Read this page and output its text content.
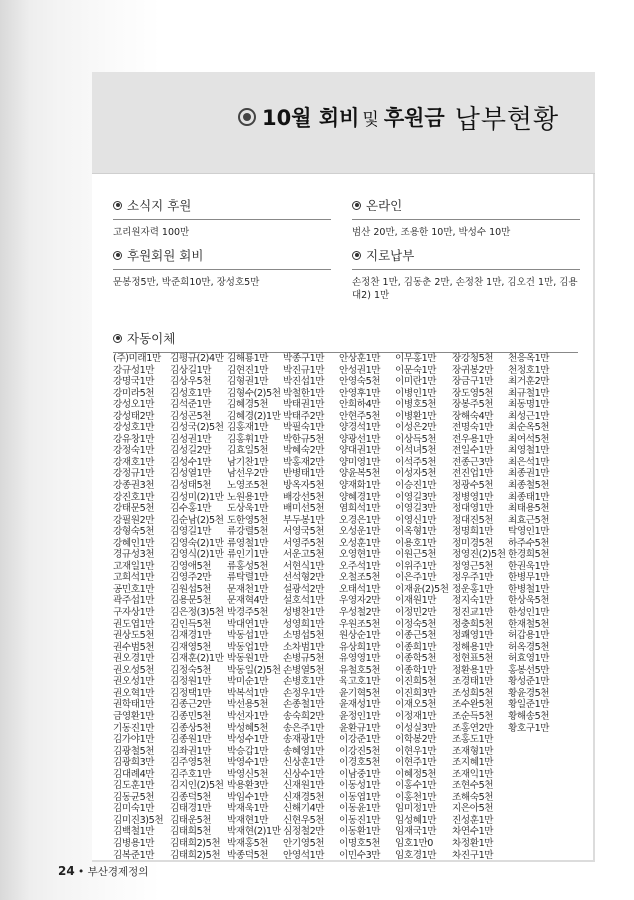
10월 회비 및 후원금 납부현황
소식지 후원
고리원자력 100만
온라인
범산 20만, 조용한 10만, 박성수 10만
후원회원 회비
문봉정5만, 박준희10만, 장성호5만
지로납부
손정찬 1만, 김동춘 2만, 손정찬 1만, 김오건 1만, 김용대2) 1만
자동이체
(주)미래1만
강규성1만
강명국1만
강미라5천
강성오1만
강성태2만
강성호1만
강유창1만
강정숙1만
강재호1만
강정규1만
강종권3천
강진호1만
강태문5천
강필원2만
강형숙5천
강혜인1만
경규성3천
고재일1만
고희석1만
공민호1만
곽주섭1만
구자상1만
권도엽1만
권상도5천
권수범5천
권오경1만
권오성5천
권오성1만
권오혁1만
권학태1만
금영환1만
기동진1만
김가야1만
김광철5천
김광희3만
김대례4만
김도훈1만
김동균5천
김미숙1만
김미진3)5천
김백철1만
김병용1만
김복준1만
김평규(2)4만
김상길1만
김상우5천
김성호1만
김석준1만
김성곤5천
김성국(2)5천
김성권1만
김성길2만
김성수1만
김성열1만
김성태5천
김성미(2)1만
김수홍1만
김순남(2)5천
김영길1만
김영숙(2)1만
김영식(2)1만
김영애5천
김영주2만
김원섭5천
김용문5천
김은정(3)5천
김인득5천
김재경1만
김재영5천
김재훈(2)1만
김정숙5천
김정원1만
김정택1만
김종근2만
김종민5천
김종상5천
김종원1만
김좌권1만
김주영5천
김주호1만
김지인(2)5천
김종덕5천
김태경1만
김태운5천
김태희5천
김태희2)5천
김태희2)5천
김해룡1만
김현진1만
김형권1만
김형수(2)5천
김혜경5천
김혜경(2)1만
김홍재1만
김홍휘1만
김효일5천
남기찬1만
남선우2만
노영조5천
노원용1만
도상욱1만
도한영5천
류강렬5천
류영철1만
류인기1만
류홍성5천
류탁렬1만
문재천1만
문재혁4만
박경주5천
박대연1만
박동섭1만
박동업1만
박동원1만
박동일(2)5천
박미순1만
박복석1만
박선용5천
박선자1만
박성혜5천
박성수1만
박승갑1만
박영수1만
박영신5천
박용환3만
박임수1만
박재욱1만
박재현1만
박재현(2)1만
박재홍5천
박종덕5천
박종구1만
박진규1만
박진섭1만
박철한1만
박태권1만
박태주2만
박필숙1만
박한규5천
박혜숙2만
박홍재2만
반병태1만
방옥자5천
배강선5천
배미선5천
부두봉1만
서영국5천
서영주5천
서운고5천
서현식1만
선석형2만
설광석2만
설호석1만
성병찬1만
성영희1만
소명섭5천
소차범1만
손병규5천
손병열5천
손병호1만
손정우1만
손종철1만
송숙희2만
송은주1만
송재광1만
송혜영1만
신상훈1만
신상수1만
신재원1만
신재경5천
신해기4만
신현우5천
심정철2만
안기영5천
안영석1만
안상훈1만
안성권1만
안영숙5천
안영후1만
안희하4만
안현주5천
양경석1만
양광선1만
양대권1만
양미영1만
양윤복5천
양재화1만
양혜경1만
염희석1만
오경은1만
오성운1만
오성훈1만
오영현1만
오주석1만
오철조5천
오태석1만
우영자2만
우성철2만
우원조5천
원상순1만
유상희1만
유영영1만
유철호5천
육고호1만
윤기혁5천
윤재성1만
윤정인1만
윤환규1만
이강준1만
이강진5천
이경호5천
이남중1만
이동성1만
이동엽1만
이동윤1만
이동진1만
이동환1만
이명호5천
이민수3만
이무홍1만
이문숙1만
이미란1만
이병인1만
이병호5천
이병환1만
이성은2만
이상득5천
이석녀5천
이석주5천
이성자5천
이승진1만
이영길3만
이영길3만
이영신1만
이옥형1만
이용호1만
이원근5천
이위주1만
이은주1만
이재윤(2)5천
이재원1만
이정민2만
이정숙5천
이종근5천
이종희1만
이종학5천
이종학1만
이진희5천
이진희3만
이재오5천
이정재1만
이성실3만
이학봉2만
이현우1만
이현주1만
이혜정5천
이홍수1만
이홍천1만
임미정1만
임성혜1만
임재국1만
임호1만0
임호경1만
장강청5천
장귀봉2만
장금구1만
장도영5천
장봉주5천
장해숙4만
전명숙1만
전우용1만
전일수1만
전종근3만
전진업1만
정광수5천
정병영1만
정대영1만
정대진5천
정명희1만
정미경5천
정영진(2)5천
정영근5천
정우주1만
정운홍1만
정지숙1만
정진교1만
정충희5천
정쾌영1만
정해용1만
정현표5천
정환용1만
조경태1만
조성희5천
조수완5천
조순득5천
조홍연2만
조홍도1만
조재형1만
조지혜1만
조재익1만
조현수5천
조해숙5천
지은아5천
진성훈1만
차연수1만
차정환1만
차진구1만
천응옥1만
천정호1만
최거훈2만
최규철1만
최동명1만
최성근1만
최순옥5천
최여석5천
최영철1만
최은석1만
최종권1만
최종철5천
최종태1만
최태용5천
최효근5천
탁영인1만
하주수5천
한경희5천
한권욱1만
한병무1만
한병철1만
한상욱5천
한성인1만
한재철5천
허갑용1만
허옥경5천
허효영1만
홍봉선5만
황성준1만
황윤경5천
황일준1만
황해송5천
황호구1만
24 • 부산경제정의
